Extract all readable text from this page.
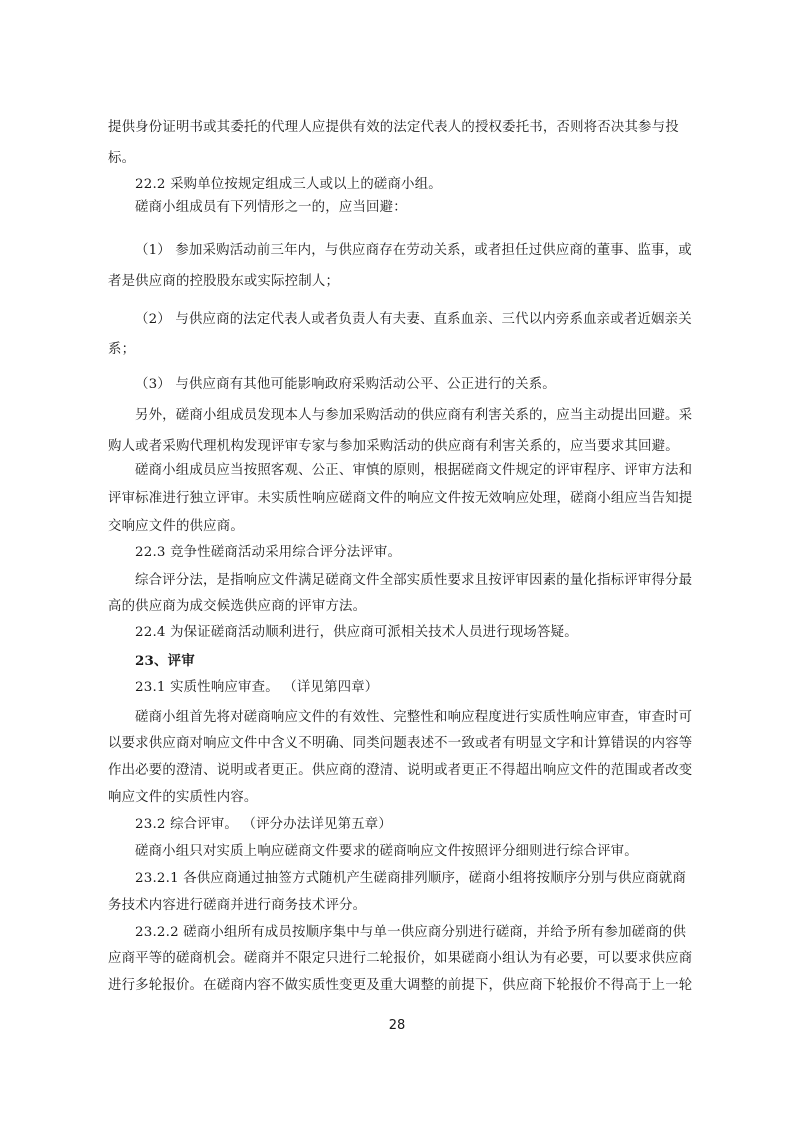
提供身份证明书或其委托的代理人应提供有效的法定代表人的授权委托书，否则将否决其参与投
标。
22.2 采购单位按规定组成三人或以上的磋商小组。
磋商小组成员有下列情形之一的，应当回避：
（1） 参加采购活动前三年内，与供应商存在劳动关系，或者担任过供应商的董事、监事，或
者是供应商的控股股东或实际控制人；
（2） 与供应商的法定代表人或者负责人有夫妻、直系血亲、三代以内旁系血亲或者近姻亲关
系；
（3） 与供应商有其他可能影响政府采购活动公平、公正进行的关系。
另外，磋商小组成员发现本人与参加采购活动的供应商有利害关系的，应当主动提出回避。采
购人或者采购代理机构发现评审专家与参加采购活动的供应商有利害关系的，应当要求其回避。
磋商小组成员应当按照客观、公正、审慎的原则，根据磋商文件规定的评审程序、评审方法和
评审标准进行独立评审。未实质性响应磋商文件的响应文件按无效响应处理，磋商小组应当告知提
交响应文件的供应商。
22.3 竞争性磋商活动采用综合评分法评审。
综合评分法，是指响应文件满足磋商文件全部实质性要求且按评审因素的量化指标评审得分最
高的供应商为成交候选供应商的评审方法。
22.4 为保证磋商活动顺利进行，供应商可派相关技术人员进行现场答疑。
23、评审
23.1 实质性响应审查。 （详见第四章）
磋商小组首先将对磋商响应文件的有效性、完整性和响应程度进行实质性响应审查，审查时可
以要求供应商对响应文件中含义不明确、同类问题表述不一致或者有明显文字和计算错误的内容等
作出必要的澄清、说明或者更正。供应商的澄清、说明或者更正不得超出响应文件的范围或者改变
响应文件的实质性内容。
23.2 综合评审。 （评分办法详见第五章）
磋商小组只对实质上响应磋商文件要求的磋商响应文件按照评分细则进行综合评审。
23.2.1 各供应商通过抽签方式随机产生磋商排列顺序，磋商小组将按顺序分别与供应商就商
务技术内容进行磋商并进行商务技术评分。
23.2.2 磋商小组所有成员按顺序集中与单一供应商分别进行磋商，并给予所有参加磋商的供
应商平等的磋商机会。磋商并不限定只进行二轮报价，如果磋商小组认为有必要，可以要求供应商
进行多轮报价。在磋商内容不做实质性变更及重大调整的前提下，供应商下轮报价不得高于上一轮
28
